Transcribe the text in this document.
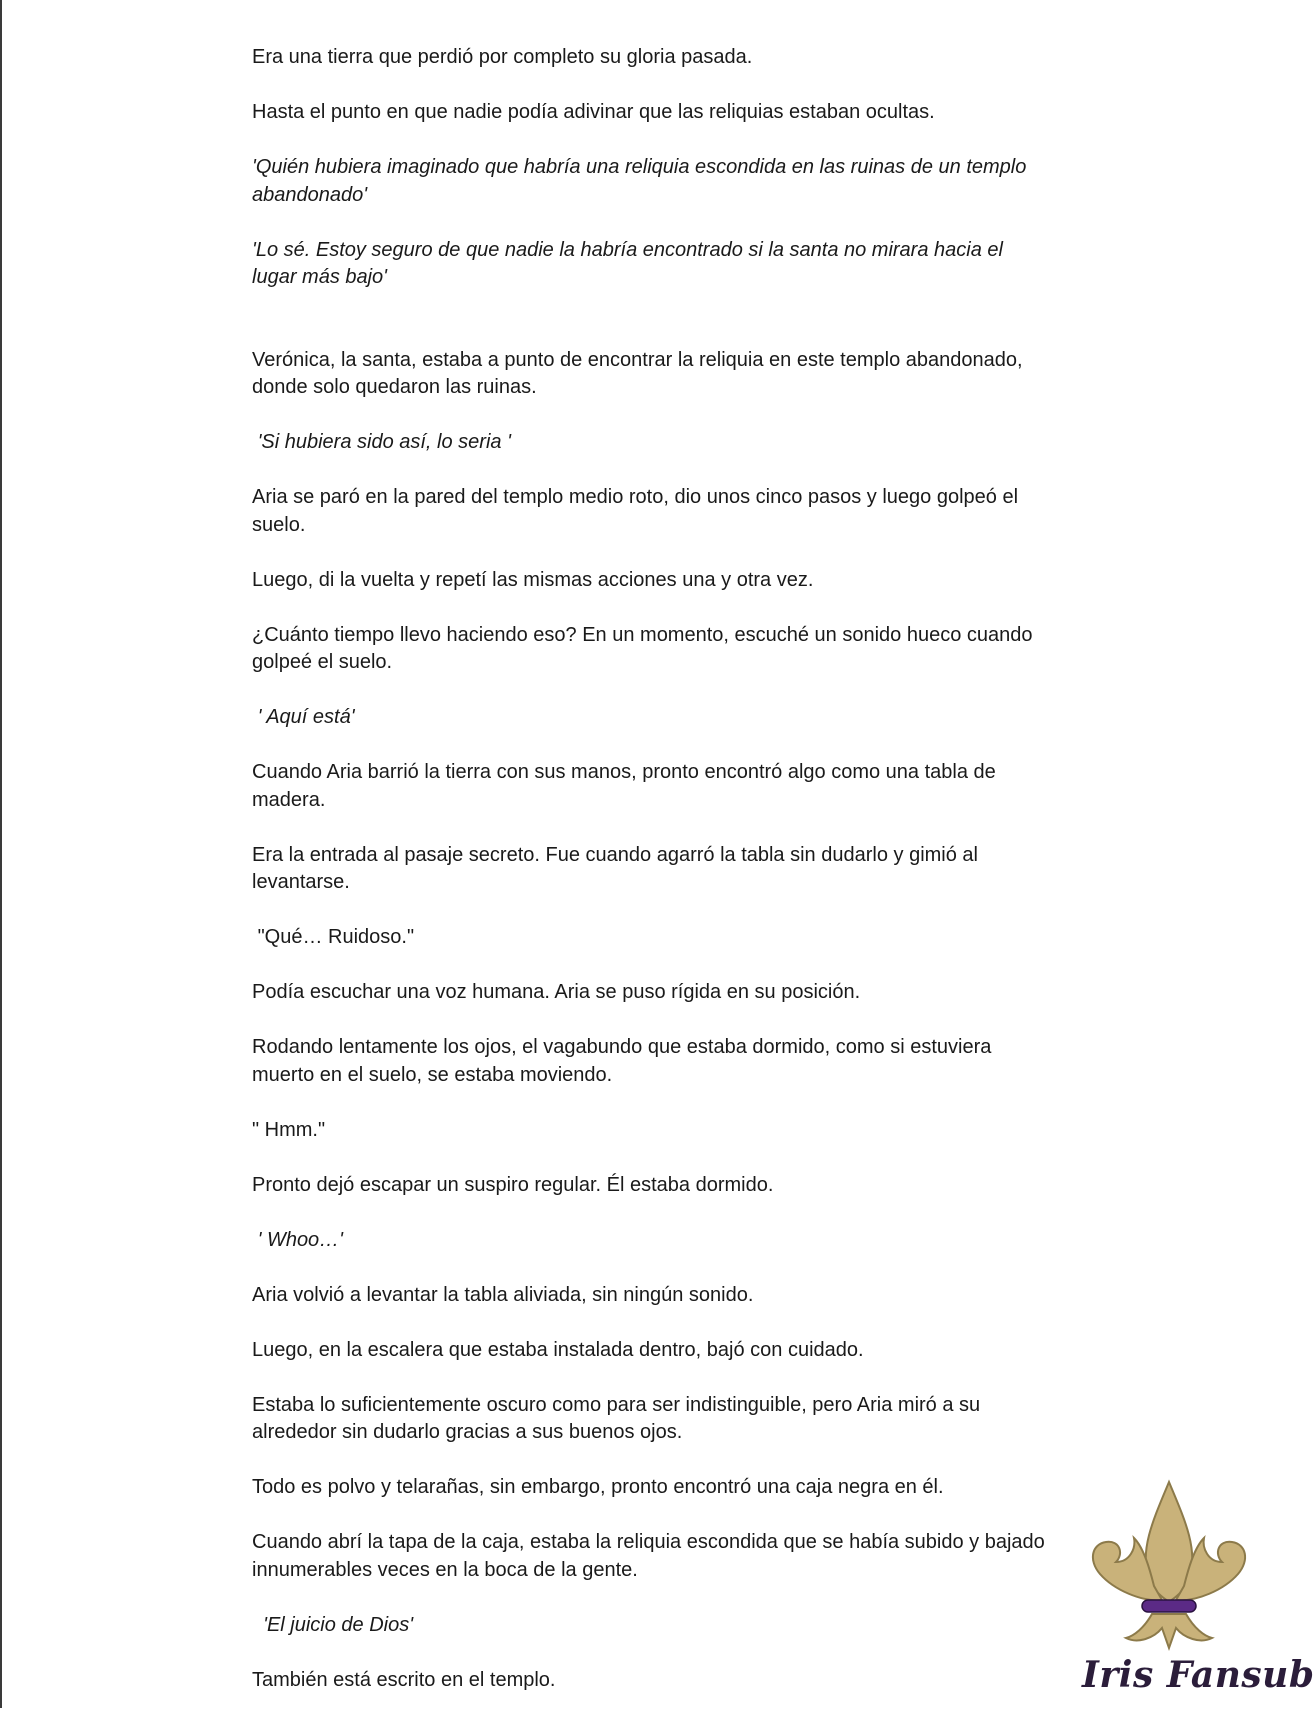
Era una tierra que perdió por completo su gloria pasada.

Hasta el punto en que nadie podía adivinar que las reliquias estaban ocultas.

'Quién hubiera imaginado que habría una reliquia escondida en las ruinas de un templo abandonado'

'Lo sé. Estoy seguro de que nadie la habría encontrado si la santa no mirara hacia el lugar más bajo'

Verónica, la santa, estaba a punto de encontrar la reliquia en este templo abandonado, donde solo quedaron las ruinas.

'Si hubiera sido así, lo seria '

Aria se paró en la pared del templo medio roto, dio unos cinco pasos y luego golpeó el suelo.

Luego, di la vuelta y repetí las mismas acciones una y otra vez.

¿Cuánto tiempo llevo haciendo eso? En un momento, escuché un sonido hueco cuando golpeé el suelo.

' Aquí está'

Cuando Aria barrió la tierra con sus manos, pronto encontró algo como una tabla de madera.

Era la entrada al pasaje secreto. Fue cuando agarró la tabla sin dudarlo y gimió al levantarse.

"Qué… Ruidoso."

Podía escuchar una voz humana. Aria se puso rígida en su posición.

Rodando lentamente los ojos, el vagabundo que estaba dormido, como si estuviera muerto en el suelo, se estaba moviendo.

" Hmm."

Pronto dejó escapar un suspiro regular. Él estaba dormido.

' Whoo…'

Aria volvió a levantar la tabla aliviada, sin ningún sonido.

Luego, en la escalera que estaba instalada dentro, bajó con cuidado.

Estaba lo suficientemente oscuro como para ser indistinguible, pero Aria miró a su alrededor sin dudarlo gracias a sus buenos ojos.

Todo es polvo y telarañas, sin embargo, pronto encontró una caja negra en él.

Cuando abrí la tapa de la caja, estaba la reliquia escondida que se había subido y bajado innumerables veces en la boca de la gente.

'El juicio de Dios'

También está escrito en el templo.	Iris Fansub
